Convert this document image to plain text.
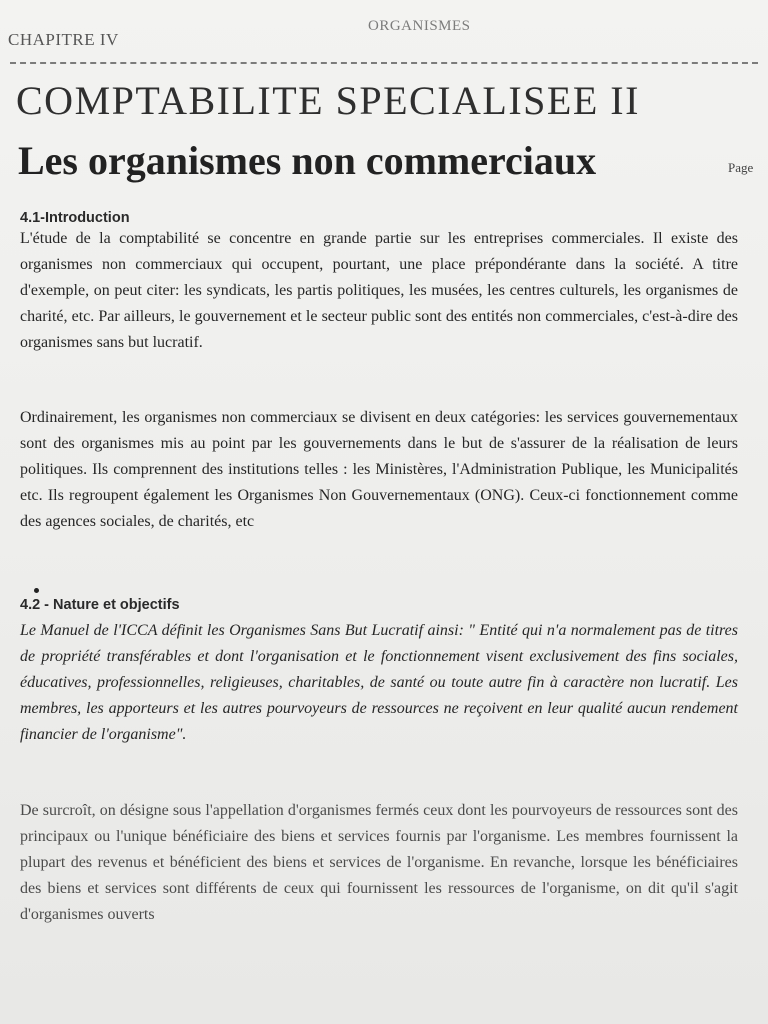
CHAPITRE IV
ORGANISMES
COMPTABILITE SPECIALISEE II
Les organismes non commerciaux	Page
4.1-Introduction
L'étude de la comptabilité se concentre en grande partie sur les entreprises commerciales. Il existe des organismes non commerciaux qui occupent, pourtant, une place prépondérante dans la société. A titre d'exemple, on peut citer: les syndicats, les partis politiques, les musées, les centres culturels, les organismes de charité, etc. Par ailleurs, le gouvernement et le secteur public sont des entités non commerciales, c'est-à-dire des organismes sans but lucratif.
Ordinairement, les organismes non commerciaux se divisent en deux catégories: les services gouvernementaux sont des organismes mis au point par les gouvernements dans le but de s'assurer de la réalisation de leurs politiques. Ils comprennent des institutions telles : les Ministères, l'Administration Publique, les Municipalités etc. Ils regroupent également les Organismes Non Gouvernementaux (ONG). Ceux-ci fonctionnement comme des agences sociales, de charités, etc
4.2 - Nature et objectifs
Le Manuel de l'ICCA définit les Organismes Sans But Lucratif ainsi: " Entité qui n'a normalement pas de titres de propriété transférables et dont l'organisation et le fonctionnement visent exclusivement des fins sociales, éducatives, professionnelles, religieuses, charitables, de santé ou toute autre fin à caractère non lucratif. Les membres, les apporteurs et les autres pourvoyeurs de ressources ne reçoivent en leur qualité aucun rendement financier de l'organisme".
De surcroît, on désigne sous l'appellation d'organismes fermés ceux dont les pourvoyeurs de ressources sont des principaux ou l'unique bénéficiaire des biens et services fournis par l'organisme. Les membres fournissent la plupart des revenus et bénéficient des biens et services de l'organisme. En revanche, lorsque les bénéficiaires des biens et services sont différents de ceux qui fournissent les ressources de l'organisme, on dit qu'il s'agit d'organismes ouverts
